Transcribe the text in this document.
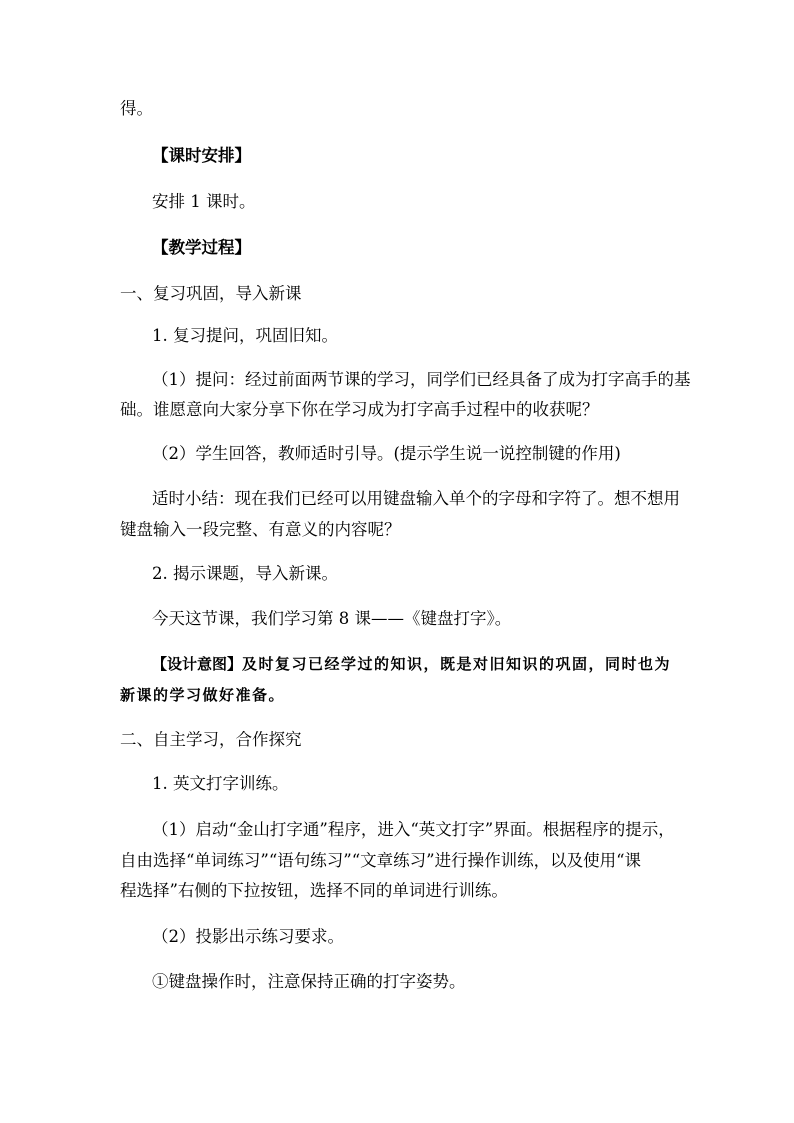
得。
【课时安排】
安排 1 课时。
【教学过程】
一、复习巩固，导入新课
1. 复习提问，巩固旧知。
（1）提问：经过前面两节课的学习，同学们已经具备了成为打字高手的基
础。谁愿意向大家分享下你在学习成为打字高手过程中的收获呢？
（2）学生回答，教师适时引导。(提示学生说一说控制键的作用)
适时小结：现在我们已经可以用键盘输入单个的字母和字符了。想不想用
键盘输入一段完整、有意义的内容呢？
2. 揭示课题，导入新课。
今天这节课，我们学习第 8 课——《键盘打字》。
【设计意图】及时复习已经学过的知识，既是对旧知识的巩固，同时也为
新课的学习做好准备。
二、自主学习，合作探究
1. 英文打字训练。
（1）启动“金山打字通”程序，进入“英文打字”界面。根据程序的提示，
自由选择“单词练习”“语句练习”“文章练习”进行操作训练，以及使用“课
程选择”右侧的下拉按钮，选择不同的单词进行训练。
（2）投影出示练习要求。
①键盘操作时，注意保持正确的打字姿势。
